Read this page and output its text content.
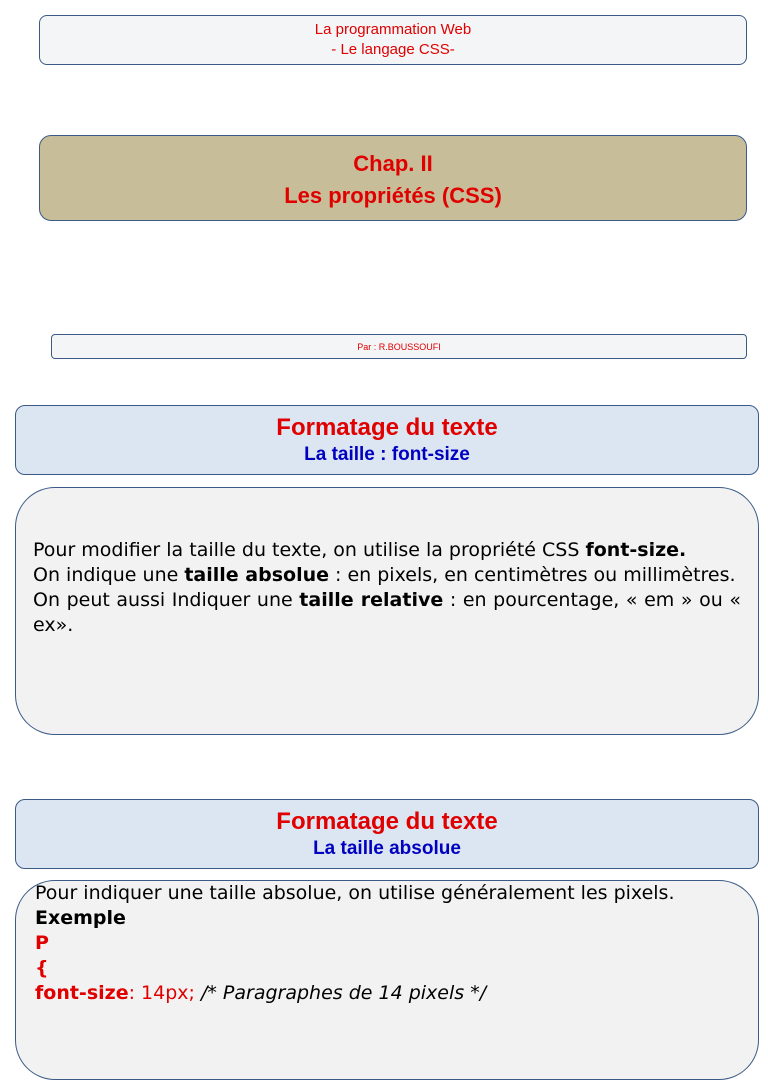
La programmation Web
- Le langage CSS-
Chap. II
Les propriétés (CSS)
Par : R.BOUSSOUFI
Formatage du texte
La taille : font-size

Pour modifier la taille du texte, on utilise la propriété CSS font-size.

On indique une taille absolue : en pixels, en centimètres ou millimètres.

On peut aussi Indiquer une taille relative : en pourcentage, « em » ou « ex».

Formatage du texte
La taille absolue

Pour indiquer une taille absolue, on utilise généralement les pixels.

Exemple

P

{

font-size: 14px; /* Paragraphes de 14 pixels */
